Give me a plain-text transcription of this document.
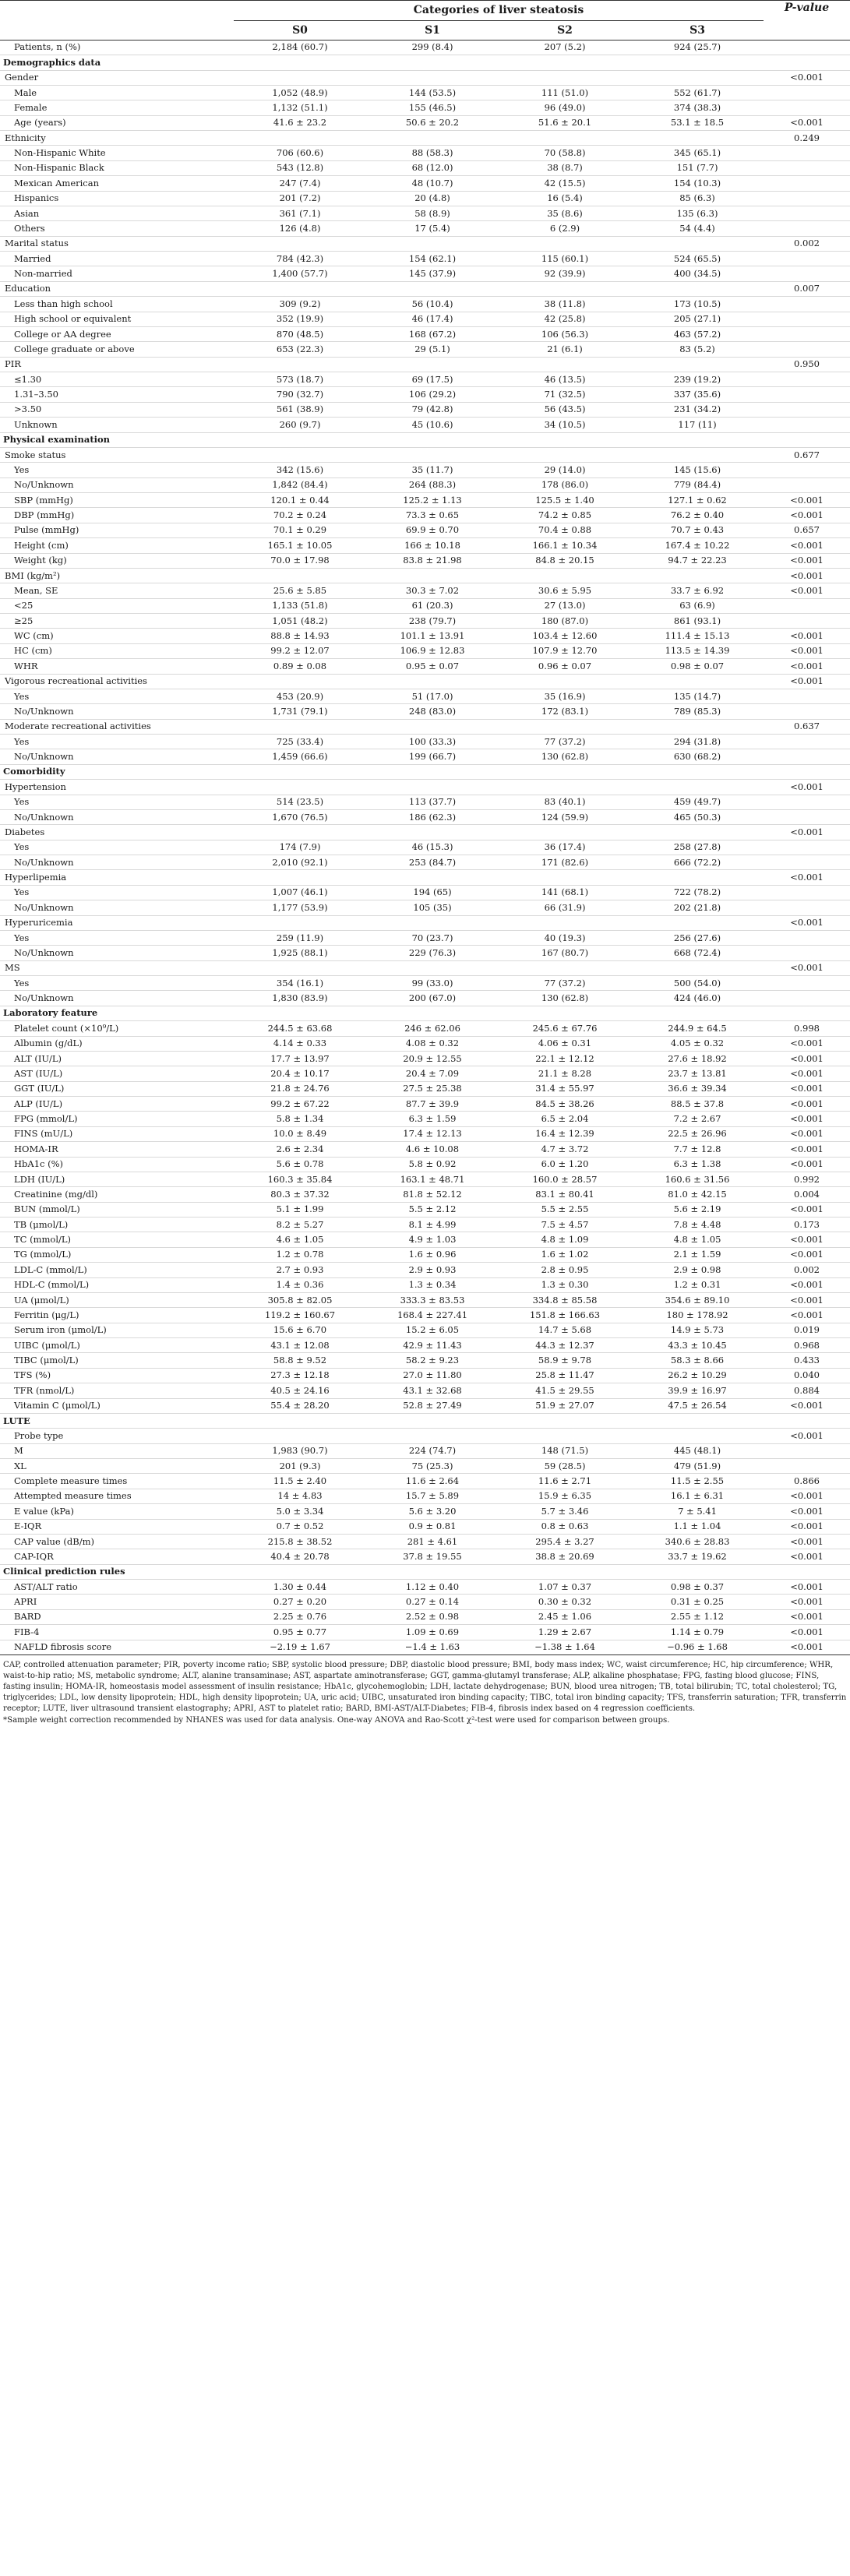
	Categories of liver steatosis				P-value
	S0	S1	S2	S3	
Patients, n (%)	2,184 (60.7)	299 (8.4)	207 (5.2)	924 (25.7)	
Demographics data					
Gender					<0.001
Male	1,052 (48.9)	144 (53.5)	111 (51.0)	552 (61.7)	
Female	1,132 (51.1)	155 (46.5)	96 (49.0)	374 (38.3)	
Age (years)	41.6 ± 23.2	50.6 ± 20.2	51.6 ± 20.1	53.1 ± 18.5	<0.001
Ethnicity					0.249
Non-Hispanic White	706 (60.6)	88 (58.3)	70 (58.8)	345 (65.1)	
Non-Hispanic Black	543 (12.8)	68 (12.0)	38 (8.7)	151 (7.7)	
Mexican American	247 (7.4)	48 (10.7)	42 (15.5)	154 (10.3)	
Hispanics	201 (7.2)	20 (4.8)	16 (5.4)	85 (6.3)	
Asian	361 (7.1)	58 (8.9)	35 (8.6)	135 (6.3)	
Others	126 (4.8)	17 (5.4)	6 (2.9)	54 (4.4)	
Marital status					0.002
Married	784 (42.3)	154 (62.1)	115 (60.1)	524 (65.5)	
Non-married	1,400 (57.7)	145 (37.9)	92 (39.9)	400 (34.5)	
Education					0.007
Less than high school	309 (9.2)	56 (10.4)	38 (11.8)	173 (10.5)	
High school or equivalent	352 (19.9)	46 (17.4)	42 (25.8)	205 (27.1)	
College or AA degree	870 (48.5)	168 (67.2)	106 (56.3)	463 (57.2)	
College graduate or above	653 (22.3)	29 (5.1)	21 (6.1)	83 (5.2)	
PIR					0.950
≤1.30	573 (18.7)	69 (17.5)	46 (13.5)	239 (19.2)	
1.31–3.50	790 (32.7)	106 (29.2)	71 (32.5)	337 (35.6)	
>3.50	561 (38.9)	79 (42.8)	56 (43.5)	231 (34.2)	
Unknown	260 (9.7)	45 (10.6)	34 (10.5)	117 (11)	
Physical examination					
Smoke status					0.677
Yes	342 (15.6)	35 (11.7)	29 (14.0)	145 (15.6)	
No/Unknown	1,842 (84.4)	264 (88.3)	178 (86.0)	779 (84.4)	
SBP (mmHg)	120.1 ± 0.44	125.2 ± 1.13	125.5 ± 1.40	127.1 ± 0.62	<0.001
DBP (mmHg)	70.2 ± 0.24	73.3 ± 0.65	74.2 ± 0.85	76.2 ± 0.40	<0.001
Pulse (mmHg)	70.1 ± 0.29	69.9 ± 0.70	70.4 ± 0.88	70.7 ± 0.43	0.657
Height (cm)	165.1 ± 10.05	166 ± 10.18	166.1 ± 10.34	167.4 ± 10.22	<0.001
Weight (kg)	70.0 ± 17.98	83.8 ± 21.98	84.8 ± 20.15	94.7 ± 22.23	<0.001
BMI (kg/m²)					<0.001
Mean, SE	25.6 ± 5.85	30.3 ± 7.02	30.6 ± 5.95	33.7 ± 6.92	<0.001
<25	1,133 (51.8)	61 (20.3)	27 (13.0)	63 (6.9)	
≥25	1,051 (48.2)	238 (79.7)	180 (87.0)	861 (93.1)	
WC (cm)	88.8 ± 14.93	101.1 ± 13.91	103.4 ± 12.60	111.4 ± 15.13	<0.001
HC (cm)	99.2 ± 12.07	106.9 ± 12.83	107.9 ± 12.70	113.5 ± 14.39	<0.001
WHR	0.89 ± 0.08	0.95 ± 0.07	0.96 ± 0.07	0.98 ± 0.07	<0.001
Vigorous recreational activities					<0.001
Yes	453 (20.9)	51 (17.0)	35 (16.9)	135 (14.7)	
No/Unknown	1,731 (79.1)	248 (83.0)	172 (83.1)	789 (85.3)	
Moderate recreational activities					0.637
Yes	725 (33.4)	100 (33.3)	77 (37.2)	294 (31.8)	
No/Unknown	1,459 (66.6)	199 (66.7)	130 (62.8)	630 (68.2)	
Comorbidity					
Hypertension					<0.001
Yes	514 (23.5)	113 (37.7)	83 (40.1)	459 (49.7)	
No/Unknown	1,670 (76.5)	186 (62.3)	124 (59.9)	465 (50.3)	
Diabetes					<0.001
Yes	174 (7.9)	46 (15.3)	36 (17.4)	258 (27.8)	
No/Unknown	2,010 (92.1)	253 (84.7)	171 (82.6)	666 (72.2)	
Hyperlipemia					<0.001
Yes	1,007 (46.1)	194 (65)	141 (68.1)	722 (78.2)	
No/Unknown	1,177 (53.9)	105 (35)	66 (31.9)	202 (21.8)	
Hyperuricemia					<0.001
Yes	259 (11.9)	70 (23.7)	40 (19.3)	256 (27.6)	
No/Unknown	1,925 (88.1)	229 (76.3)	167 (80.7)	668 (72.4)	
MS					<0.001
Yes	354 (16.1)	99 (33.0)	77 (37.2)	500 (54.0)	
No/Unknown	1,830 (83.9)	200 (67.0)	130 (62.8)	424 (46.0)	
Laboratory feature					
Platelet count (×10⁹/L)	244.5 ± 63.68	246 ± 62.06	245.6 ± 67.76	244.9 ± 64.5	0.998
Albumin (g/dL)	4.14 ± 0.33	4.08 ± 0.32	4.06 ± 0.31	4.05 ± 0.32	<0.001
ALT (IU/L)	17.7 ± 13.97	20.9 ± 12.55	22.1 ± 12.12	27.6 ± 18.92	<0.001
AST (IU/L)	20.4 ± 10.17	20.4 ± 7.09	21.1 ± 8.28	23.7 ± 13.81	<0.001
GGT (IU/L)	21.8 ± 24.76	27.5 ± 25.38	31.4 ± 55.97	36.6 ± 39.34	<0.001
ALP (IU/L)	99.2 ± 67.22	87.7 ± 39.9	84.5 ± 38.26	88.5 ± 37.8	<0.001
FPG (mmol/L)	5.8 ± 1.34	6.3 ± 1.59	6.5 ± 2.04	7.2 ± 2.67	<0.001
FINS (mU/L)	10.0 ± 8.49	17.4 ± 12.13	16.4 ± 12.39	22.5 ± 26.96	<0.001
HOMA-IR	2.6 ± 2.34	4.6 ± 10.08	4.7 ± 3.72	7.7 ± 12.8	<0.001
HbA1c (%)	5.6 ± 0.78	5.8 ± 0.92	6.0 ± 1.20	6.3 ± 1.38	<0.001
LDH (IU/L)	160.3 ± 35.84	163.1 ± 48.71	160.0 ± 28.57	160.6 ± 31.56	0.992
Creatinine (mg/dl)	80.3 ± 37.32	81.8 ± 52.12	83.1 ± 80.41	81.0 ± 42.15	0.004
BUN (mmol/L)	5.1 ± 1.99	5.5 ± 2.12	5.5 ± 2.55	5.6 ± 2.19	<0.001
TB (μmol/L)	8.2 ± 5.27	8.1 ± 4.99	7.5 ± 4.57	7.8 ± 4.48	0.173
TC (mmol/L)	4.6 ± 1.05	4.9 ± 1.03	4.8 ± 1.09	4.8 ± 1.05	<0.001
TG (mmol/L)	1.2 ± 0.78	1.6 ± 0.96	1.6 ± 1.02	2.1 ± 1.59	<0.001
LDL-C (mmol/L)	2.7 ± 0.93	2.9 ± 0.93	2.8 ± 0.95	2.9 ± 0.98	0.002
HDL-C (mmol/L)	1.4 ± 0.36	1.3 ± 0.34	1.3 ± 0.30	1.2 ± 0.31	<0.001
UA (μmol/L)	305.8 ± 82.05	333.3 ± 83.53	334.8 ± 85.58	354.6 ± 89.10	<0.001
Ferritin (μg/L)	119.2 ± 160.67	168.4 ± 227.41	151.8 ± 166.63	180 ± 178.92	<0.001
Serum iron (μmol/L)	15.6 ± 6.70	15.2 ± 6.05	14.7 ± 5.68	14.9 ± 5.73	0.019
UIBC (μmol/L)	43.1 ± 12.08	42.9 ± 11.43	44.3 ± 12.37	43.3 ± 10.45	0.968
TIBC (μmol/L)	58.8 ± 9.52	58.2 ± 9.23	58.9 ± 9.78	58.3 ± 8.66	0.433
TFS (%)	27.3 ± 12.18	27.0 ± 11.80	25.8 ± 11.47	26.2 ± 10.29	0.040
TFR (nmol/L)	40.5 ± 24.16	43.1 ± 32.68	41.5 ± 29.55	39.9 ± 16.97	0.884
Vitamin C (μmol/L)	55.4 ± 28.20	52.8 ± 27.49	51.9 ± 27.07	47.5 ± 26.54	<0.001
LUTE					
Probe type					<0.001
M	1,983 (90.7)	224 (74.7)	148 (71.5)	445 (48.1)	
XL	201 (9.3)	75 (25.3)	59 (28.5)	479 (51.9)	
Complete measure times	11.5 ± 2.40	11.6 ± 2.64	11.6 ± 2.71	11.5 ± 2.55	0.866
Attempted measure times	14 ± 4.83	15.7 ± 5.89	15.9 ± 6.35	16.1 ± 6.31	<0.001
E value (kPa)	5.0 ± 3.34	5.6 ± 3.20	5.7 ± 3.46	7 ± 5.41	<0.001
E-IQR	0.7 ± 0.52	0.9 ± 0.81	0.8 ± 0.63	1.1 ± 1.04	<0.001
CAP value (dB/m)	215.8 ± 38.52	281 ± 4.61	295.4 ± 3.27	340.6 ± 28.83	<0.001
CAP-IQR	40.4 ± 20.78	37.8 ± 19.55	38.8 ± 20.69	33.7 ± 19.62	<0.001
Clinical prediction rules					
AST/ALT ratio	1.30 ± 0.44	1.12 ± 0.40	1.07 ± 0.37	0.98 ± 0.37	<0.001
APRI	0.27 ± 0.20	0.27 ± 0.14	0.30 ± 0.32	0.31 ± 0.25	<0.001
BARD	2.25 ± 0.76	2.52 ± 0.98	2.45 ± 1.06	2.55 ± 1.12	<0.001
FIB-4	0.95 ± 0.77	1.09 ± 0.69	1.29 ± 2.67	1.14 ± 0.79	<0.001
NAFLD fibrosis score	−2.19 ± 1.67	−1.4 ± 1.63	−1.38 ± 1.64	−0.96 ± 1.68	<0.001

CAP, controlled attenuation parameter; PIR, poverty income ratio; SBP, systolic blood pressure; DBP, diastolic blood pressure; BMI, body mass index; WC, waist circumference; HC, hip circumference; WHR, waist-to-hip ratio; MS, metabolic syndrome; ALT, alanine transaminase; AST, aspartate aminotransferase; GGT, gamma-glutamyl transferase; ALP, alkaline phosphatase; FPG, fasting blood glucose; FINS, fasting insulin; HOMA-IR, homeostasis model assessment of insulin resistance; HbA1c, glycohemoglobin; LDH, lactate dehydrogenase; BUN, blood urea nitrogen; TB, total bilirubin; TC, total cholesterol; TG, triglycerides; LDL, low density lipoprotein; HDL, high density lipoprotein; UA, uric acid; UIBC, unsaturated iron binding capacity; TIBC, total iron binding capacity; TFS, transferrin saturation; TFR, transferrin receptor; LUTE, liver ultrasound transient elastography; APRI, AST to platelet ratio; BARD, BMI-AST/ALT-Diabetes; FIB-4, fibrosis index based on 4 regression coefficients.

*Sample weight correction recommended by NHANES was used for data analysis. One-way ANOVA and Rao-Scott χ²-test were used for comparison between groups.
